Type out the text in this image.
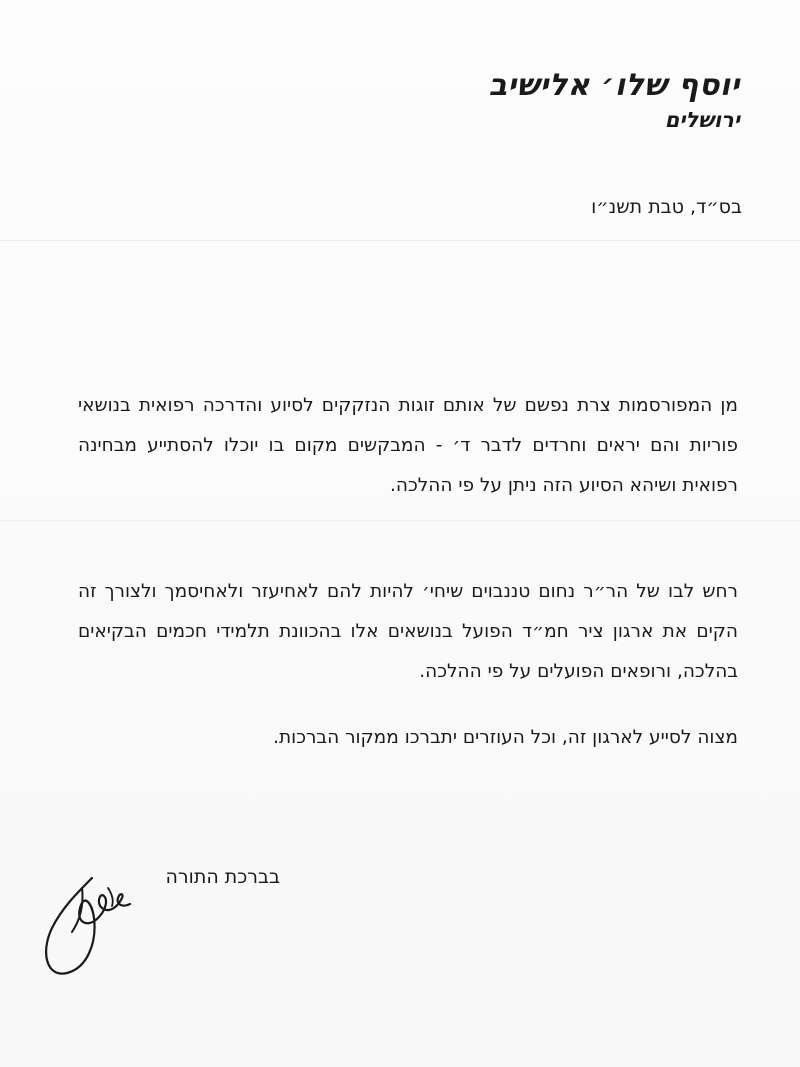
יוסף שלו׳ אלישיב
ירושלים
בס״ד, טבת תשנ״ו
מן המפורסמות צרת נפשם של אותם זוגות הנזקקים לסיוע והדרכה רפואית בנושאי פוריות והם יראים וחרדים לדבר ד׳ - המבקשים מקום בו יוכלו להסתייע מבחינה רפואית ושיהא הסיוע הזה ניתן על פי ההלכה.
רחש לבו של הר״ר נחום טננבוים שיחי׳ להיות להם לאחיעזר ולאחיסמך ולצורך זה הקים את ארגון ציר חמ״ד הפועל בנושאים אלו בהכוונת תלמידי חכמים הבקיאים בהלכה, ורופאים הפועלים על פי ההלכה.
מצוה לסייע לארגון זה, וכל העוזרים יתברכו ממקור הברכות.
בברכת התורה
